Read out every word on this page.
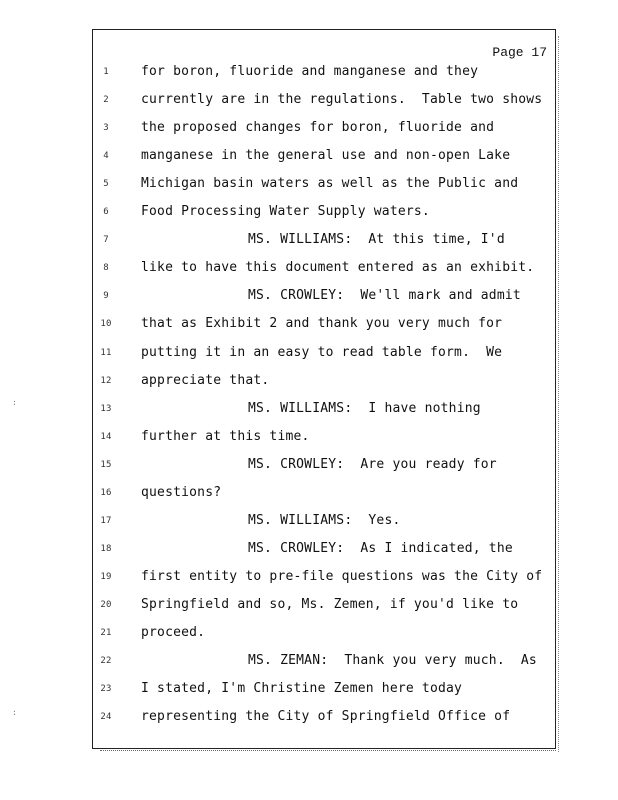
Page 17
1	for boron, fluoride and manganese and they
2	currently are in the regulations.  Table two shows
3	the proposed changes for boron, fluoride and
4	manganese in the general use and non-open Lake
5	Michigan basin waters as well as the Public and
6	Food Processing Water Supply waters.
7	MS. WILLIAMS:  At this time, I'd
8	like to have this document entered as an exhibit.
9	MS. CROWLEY:  We'll mark and admit
10	that as Exhibit 2 and thank you very much for
11	putting it in an easy to read table form.  We
12	appreciate that.
13	MS. WILLIAMS:  I have nothing
14	further at this time.
15	MS. CROWLEY:  Are you ready for
16	questions?
17	MS. WILLIAMS:  Yes.
18	MS. CROWLEY:  As I indicated, the
19	first entity to pre-file questions was the City of
20	Springfield and so, Ms. Zemen, if you'd like to
21	proceed.
22	MS. ZEMAN:  Thank you very much.  As
23	I stated, I'm Christine Zemen here today
24	representing the City of Springfield Office of
:
:
